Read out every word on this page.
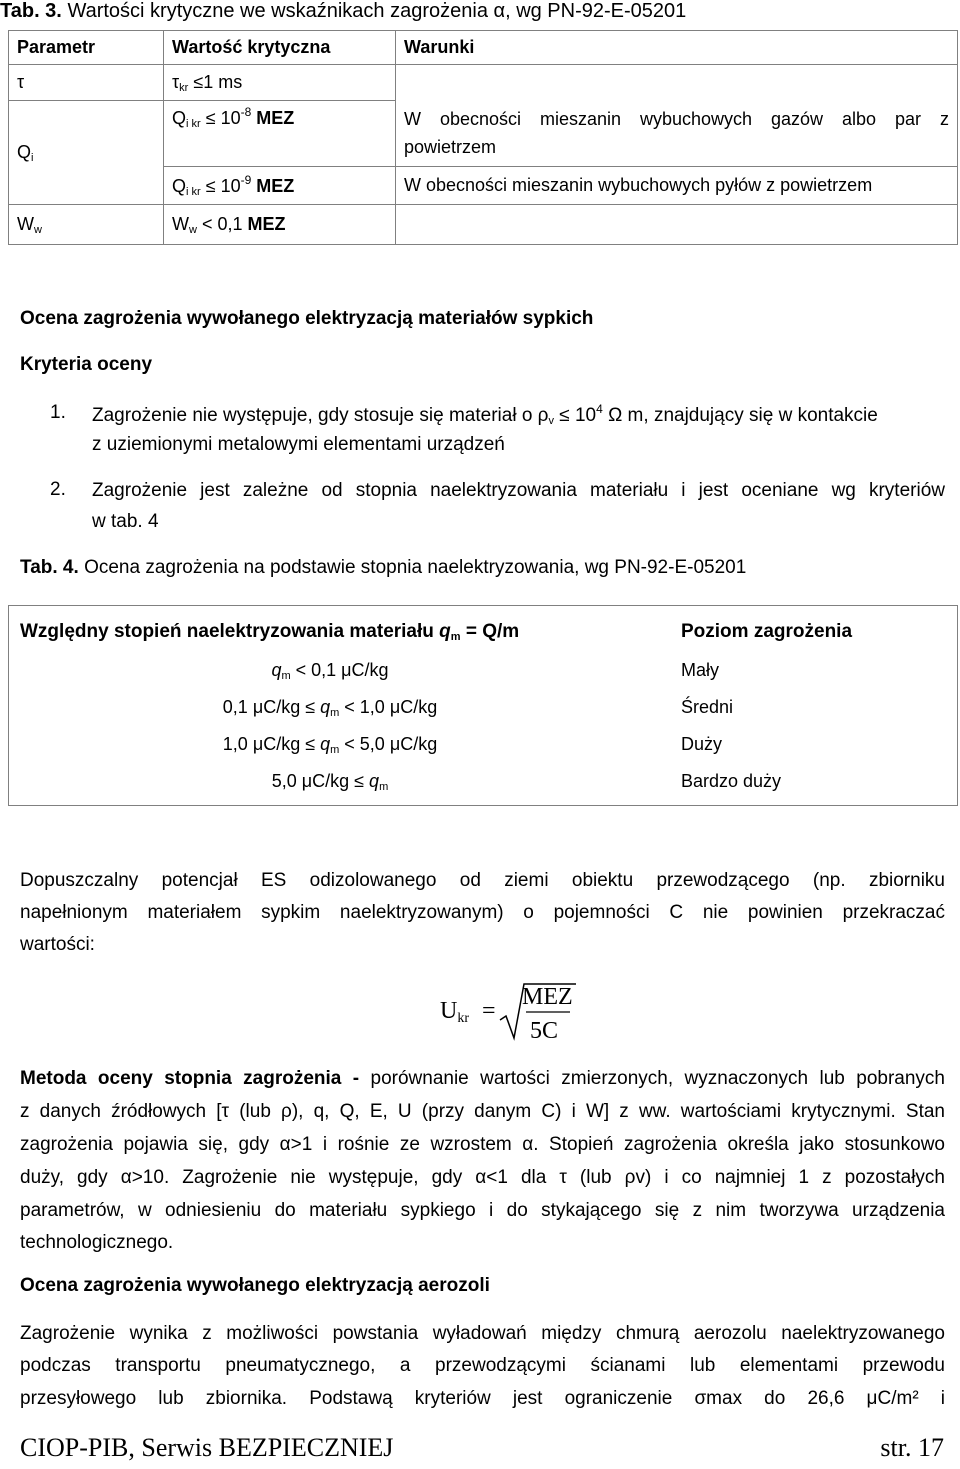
Tab. 3. Wartości krytyczne we wskaźnikach zagrożenia α, wg PN-92-E-05201
Parametr	Wartość krytyczna	Warunki
τ	$\tau_{kr} \le 1$ ms	
$Q_i$	$Q_{i kr} \le 10^{-8}$ MEZ	W obecności mieszanin wybuchowych gazów albo par z
powietrzem

	$Q_{i kr} \le 10^{-9}$ MEZ	W obecności mieszanin wybuchowych pyłów z powietrzem
$W_w$	$W_w < 0,1$ MEZ	
Ocena zagrożenia wywołanego elektryzacją materiałów sypkich
Kryteria oceny
1. Zagrożenie nie występuje, gdy stosuje się materiał o $\rho_v \le 10^4$ Ω m, znajdujący się w kontakcie
z uziemionymi metalowymi elementami urządzeń
2. Zagrożenie jest zależne od stopnia naelektryzowania materiału i jest oceniane wg kryteriów
w tab. 4
Tab. 4. Ocena zagrożenia na podstawie stopnia naelektryzowania, wg PN-92-E-05201
Względny stopień naelektryzowania materiału $q_m = Q/m$	Poziom zagrożenia
$q_m < 0,1$ μC/kg	Mały
0,1 $\mu C/kg \le q_m < 1,0$ μC/kg	Średni
1,0 $\mu C/kg \le q_m < 5,0$ μC/kg	Duży
5,0 $\mu C/kg \le q_m$	Bardzo duży
Dopuszczalny potencjał ES odizolowanego od ziemi obiektu przewodzącego (np. zbiorniku
napełnionym materiałem sypkim naelektryzowanym) o pojemności C nie powinien przekraczać
wartości:
Ukr =
MEZ
5C
Metoda oceny stopnia zagrożenia - porównanie wartości zmierzonych, wyznaczonych lub pobranych
z danych źródłowych [τ (lub ρ), q, Q, E, U (przy danym C) i W] z ww. wartościami krytycznymi. Stan
zagrożenia pojawia się, gdy α>1 i rośnie ze wzrostem α. Stopień zagrożenia określa jako stosunkowo
duży, gdy α>10. Zagrożenie nie występuje, gdy α<1 dla τ (lub ρv) i co najmniej 1 z pozostałych
parametrów, w odniesieniu do materiału sypkiego i do stykającego się z nim tworzywa urządzenia
technologicznego.
Ocena zagrożenia wywołanego elektryzacją aerozoli
Zagrożenie wynika z możliwości powstania wyładowań między chmurą aerozolu naelektryzowanego
podczas transportu pneumatycznego, a przewodzącymi ścianami lub elementami przewodu
przesyłowego lub zbiornika. Podstawą kryteriów jest ograniczenie σmax do 26,6 μC/m² i
CIOP-PIB, Serwis BEZPIECZNIEJ	str. 17
